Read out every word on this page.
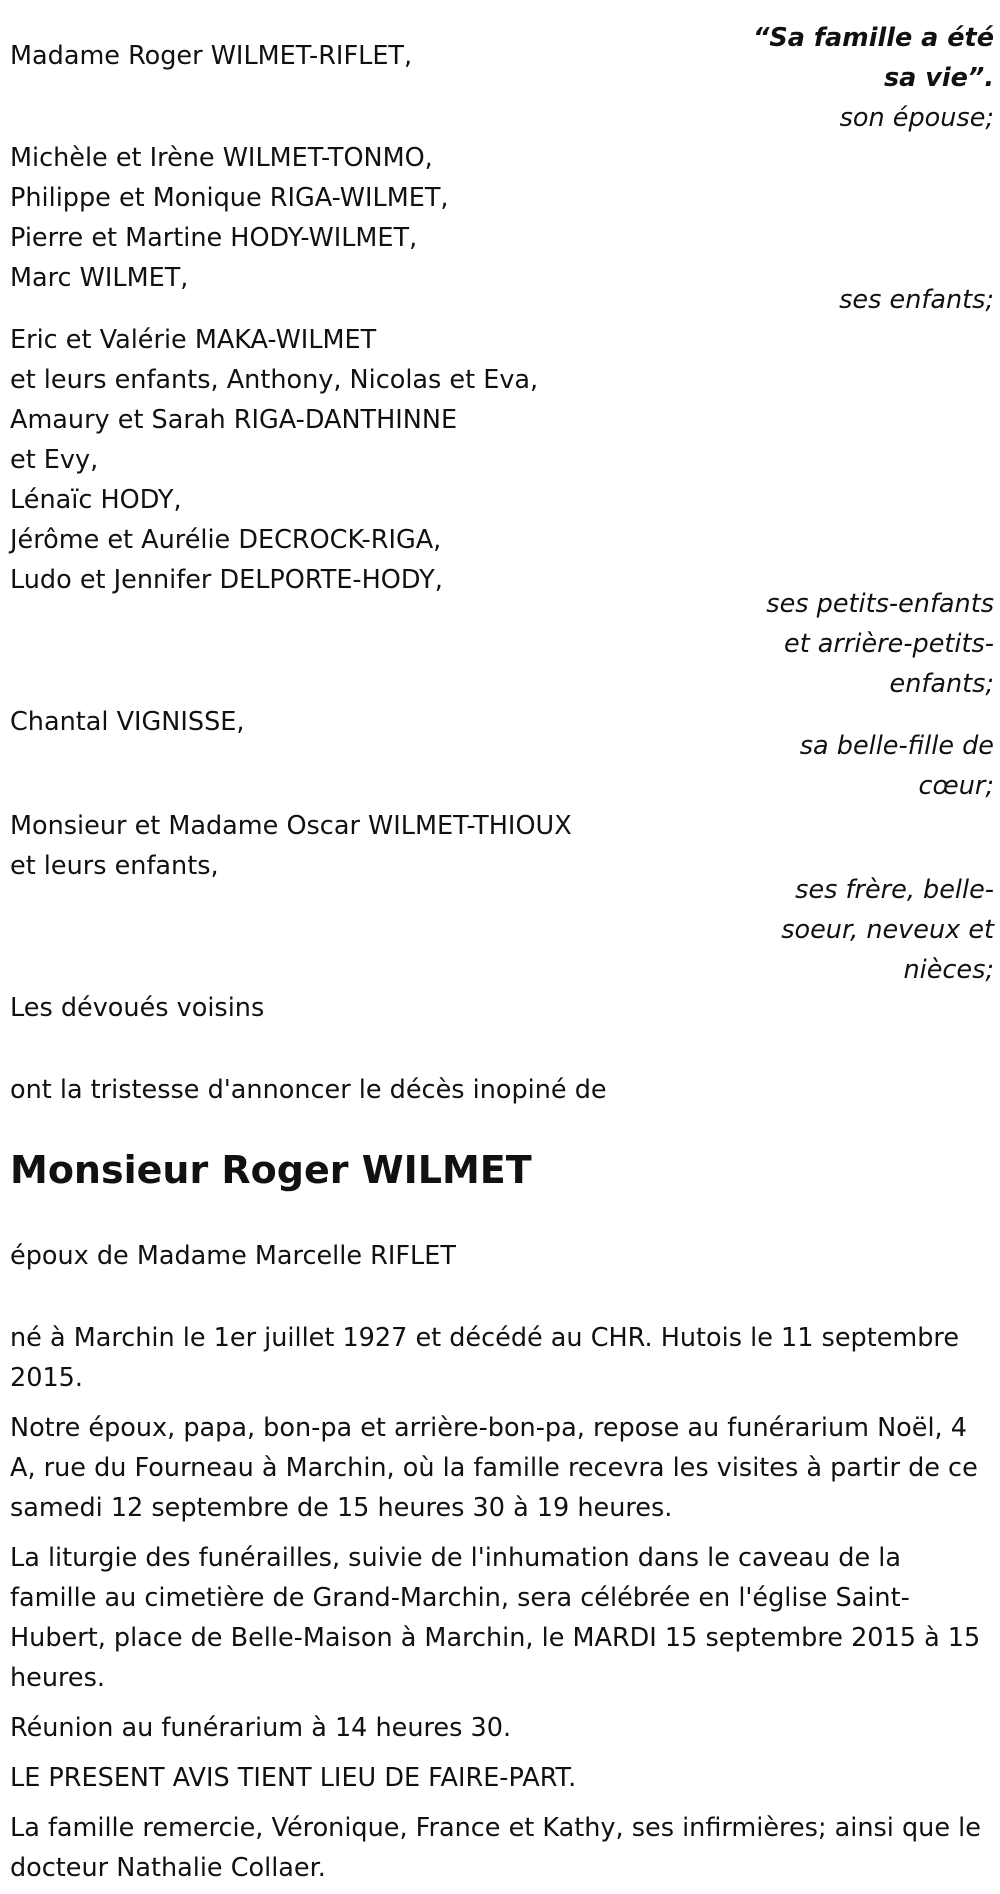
“Sa famille a été
sa vie”.
Madame Roger WILMET-RIFLET,
son épouse;
Michèle et Irène WILMET-TONMO,
Philippe et Monique RIGA-WILMET,
Pierre et Martine HODY-WILMET,
Marc WILMET,
ses enfants;
Eric et Valérie MAKA-WILMET
et leurs enfants, Anthony, Nicolas et Eva,
Amaury et Sarah RIGA-DANTHINNE
et Evy,
Lénaïc HODY,
Jérôme et Aurélie DECROCK-RIGA,
Ludo et Jennifer DELPORTE-HODY,
ses petits-enfants
et arrière-petits-
enfants;
Chantal VIGNISSE,
sa belle-fille de
cœur;
Monsieur et Madame Oscar WILMET-THIOUX
et leurs enfants,
ses frère, belle-
soeur, neveux et
nièces;
Les dévoués voisins
ont la tristesse d'annoncer le décès inopiné de
Monsieur Roger WILMET
époux de Madame Marcelle RIFLET
né à Marchin le 1er juillet 1927 et décédé au CHR. Hutois le 11 septembre 2015.
Notre époux, papa, bon-pa et arrière-bon-pa, repose au funérarium Noël, 4 A, rue du Fourneau à Marchin, où la famille recevra les visites à partir de ce samedi 12 septembre de 15 heures 30 à 19 heures.
La liturgie des funérailles, suivie de l'inhumation dans le caveau de la famille au cimetière de Grand-Marchin, sera célébrée en l'église Saint-Hubert, place de Belle-Maison à Marchin, le MARDI 15 septembre 2015 à 15 heures.
Réunion au funérarium à 14 heures 30.
LE PRESENT AVIS TIENT LIEU DE FAIRE-PART.
La famille remercie, Véronique, France et Kathy, ses infirmières; ainsi que le docteur Nathalie Collaer.
